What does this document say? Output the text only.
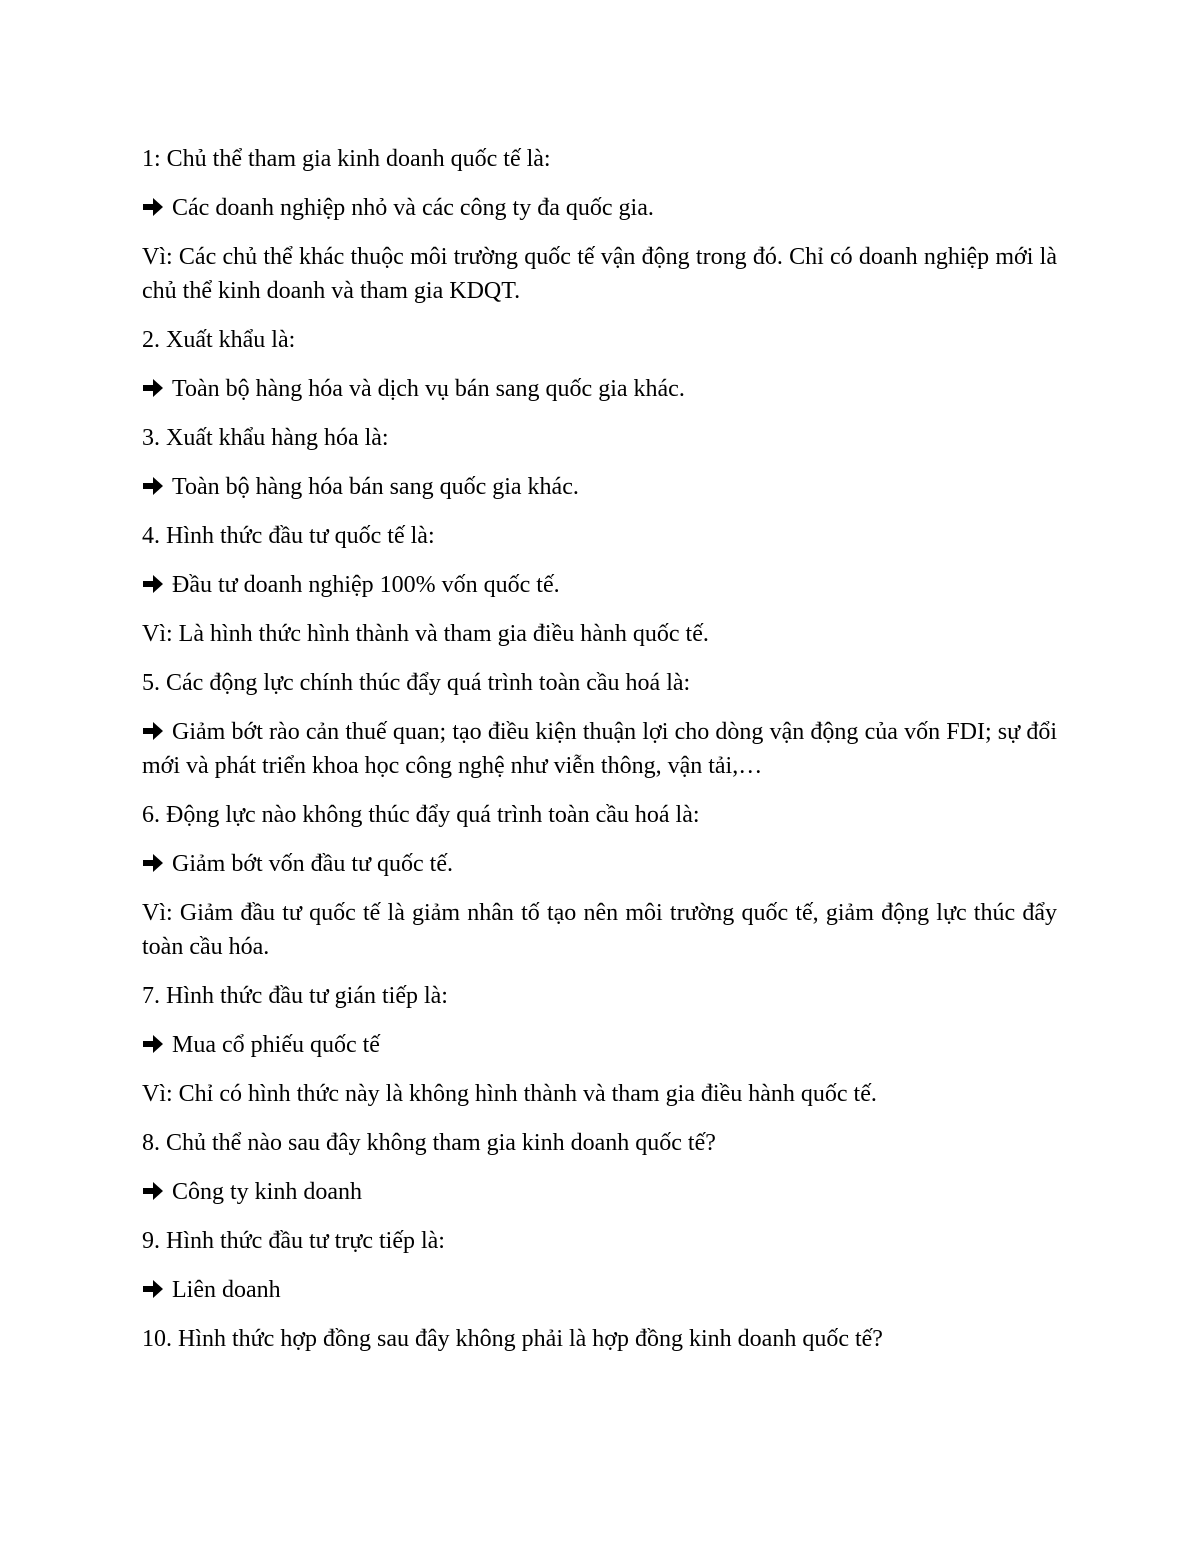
1: Chủ thể tham gia kinh doanh quốc tế là:

Các doanh nghiệp nhỏ và các công ty đa quốc gia.

Vì: Các chủ thể khác thuộc môi trường quốc tế vận động trong đó. Chỉ có doanh nghiệp mới là chủ thể kinh doanh và tham gia KDQT.

2. Xuất khẩu là:

Toàn bộ hàng hóa và dịch vụ bán sang quốc gia khác.

3. Xuất khẩu hàng hóa là:

Toàn bộ hàng hóa bán sang quốc gia khác.

4. Hình thức đầu tư quốc tế là:

Đầu tư doanh nghiệp 100% vốn quốc tế.

Vì: Là hình thức hình thành và tham gia điều hành quốc tế.

5. Các động lực chính thúc đẩy quá trình toàn cầu hoá là:

Giảm bớt rào cản thuế quan; tạo điều kiện thuận lợi cho dòng vận động của vốn FDI; sự đổi mới và phát triển khoa học công nghệ như viễn thông, vận tải,…

6. Động lực nào không thúc đẩy quá trình toàn cầu hoá là:

Giảm bớt vốn đầu tư quốc tế.

Vì: Giảm đầu tư quốc tế là giảm nhân tố tạo nên môi trường quốc tế, giảm động lực thúc đẩy toàn cầu hóa.

7. Hình thức đầu tư gián tiếp là:

Mua cổ phiếu quốc tế

Vì: Chỉ có hình thức này là không hình thành và tham gia điều hành quốc tế.

8. Chủ thể nào sau đây không tham gia kinh doanh quốc tế?

Công ty kinh doanh

9. Hình thức đầu tư trực tiếp là:

Liên doanh

10. Hình thức hợp đồng sau đây không phải là hợp đồng kinh doanh quốc tế?
